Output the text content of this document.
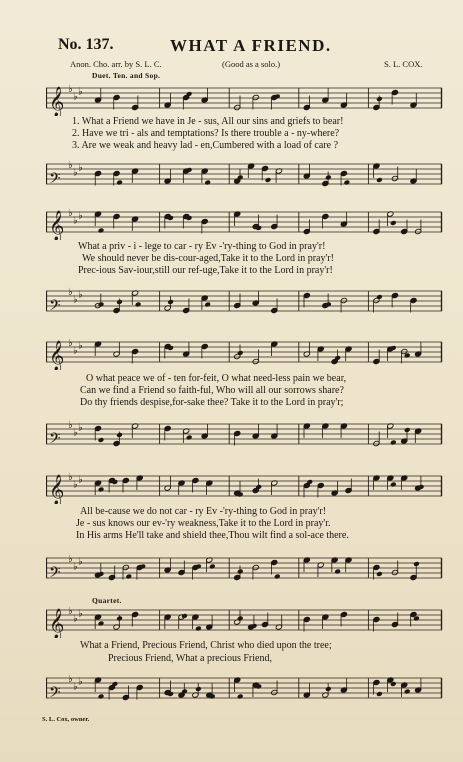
No. 137.	WHAT A FRIEND.
Anon. Cho. arr. by S. L. C.	(Good as a solo.)	S. L. COX.
Duet. Ten. and Sop.
Quartet.
𝄞 ♭
♭ ♭
1. What a Friend we have in Je - sus, All our sins and griefs to bear!
2. Have we tri - als and temptations? Is there trouble a - ny-where?
3. Are we weak and heavy lad - en,Cumbered with a load of care ?
𝄢
♭
♭ ♭
𝄞 ♭
♭ ♭
What a priv - i - lege to car - ry Ev -'ry-thing to God in pray'r!
We should never be dis-cour-aged,Take it to the Lord in pray'r!
Prec-ious Sav-iour,still our ref-uge,Take it to the Lord in pray'r!
𝄢
♭
♭ ♭
𝄞 ♭
♭ ♭
O what peace we of - ten for-feit, O what need-less pain we bear,
Can we find a Friend so faith-ful, Who will all our sorrows share?
Do thy friends despise,for-sake thee? Take it to the Lord in pray'r;
𝄢
♭
♭ ♭
𝄞 ♭
♭ ♭
All be-cause we do not car - ry Ev -'ry-thing to God in pray'r!
Je - sus knows our ev-'ry weakness,Take it to the Lord in pray'r.
In His arms He'll take and shield thee,Thou wilt find a sol-ace there.
𝄢
♭
♭ ♭
𝄞 ♭
♭ ♭
What a Friend, Precious Friend, Christ who died upon the tree;
Precious Friend, What a precious Friend,
𝄢
♭
♭ ♭
S. L. Cox, owner.
